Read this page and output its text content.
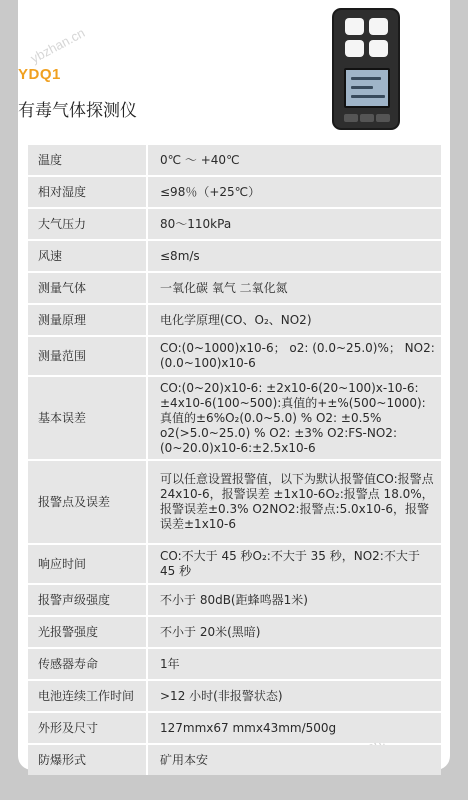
ybzhan.cn
YDQ1
有毒气体探测仪
温度	0℃ ～ +40℃
相对湿度	≤98％（+25℃）
大气压力	80～110kPa
风速	≤8m/s
测量气体	一氧化碳 氧气 二氧化氮
测量原理	电化学原理(CO、O₂、NO2)
测量范围	CO:(0~1000)x10-6； o2: (0.0~25.0)%； NO2:(0.0~100)x10-6
基本误差	CO:(0~20)x10-6: ±2x10-6(20~100)x-10-6:±4x10-6(100~500):真值的+±%(500~1000):真值的±6%O₂(0.0~5.0) % O2: ±0.5% o2(>5.0~25.0) % O2: ±3% O2:FS-NO2:(0~20.0)x10-6:±2.5x10-6
报警点及误差	可以任意设置报警值，以下为默认报警值CO:报警点 24x10-6，报警误差 ±1x10-6O₂:报警点 18.0%，报警误差±0.3% O2NO2:报警点:5.0x10-6，报警误差±1x10-6
响应时间	CO:不大于 45 秒O₂:不大于 35 秒，NO2:不大于 45 秒
报警声级强度	不小于 80dB(距蜂鸣器1米)
光报警强度	不小于 20米(黑暗)
传感器寿命	1年
电池连续工作时间	>12 小时(非报警状态)
外形及尺寸	127mmx67 mmx43mm/500g
防爆形式	矿用本安
